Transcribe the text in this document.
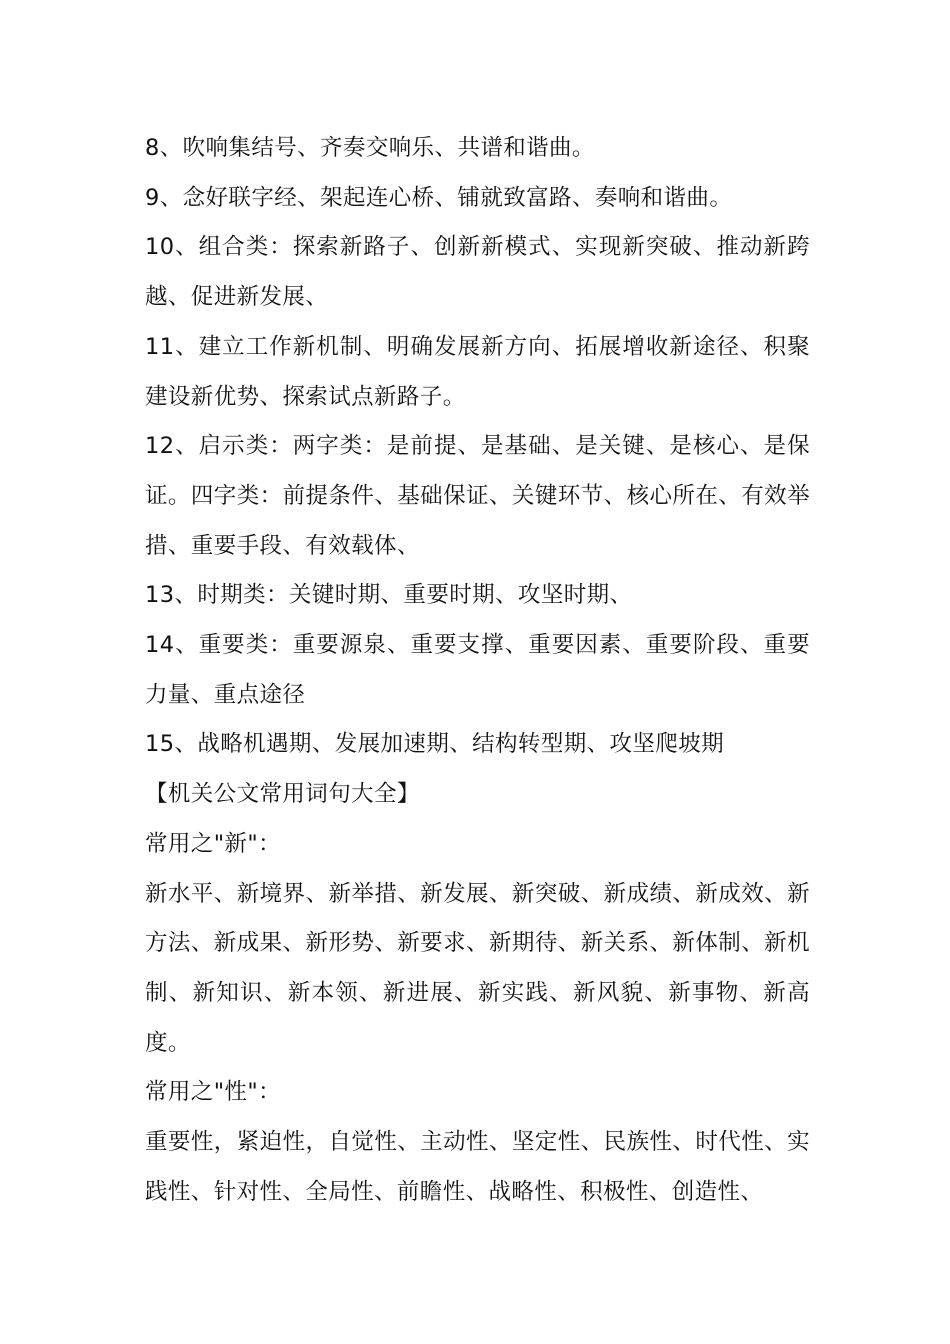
8、吹响集结号、齐奏交响乐、共谱和谐曲。

9、念好联字经、架起连心桥、铺就致富路、奏响和谐曲。

10、组合类：探索新路子、创新新模式、实现新突破、推动新跨越、促进新发展、

11、建立工作新机制、明确发展新方向、拓展增收新途径、积聚建设新优势、探索试点新路子。

12、启示类：两字类：是前提、是基础、是关键、是核心、是保证。四字类：前提条件、基础保证、关键环节、核心所在、有效举措、重要手段、有效载体、

13、时期类：关键时期、重要时期、攻坚时期、

14、重要类：重要源泉、重要支撑、重要因素、重要阶段、重要力量、重点途径

15、战略机遇期、发展加速期、结构转型期、攻坚爬坡期

【机关公文常用词句大全】

常用之"新"：

新水平、新境界、新举措、新发展、新突破、新成绩、新成效、新方法、新成果、新形势、新要求、新期待、新关系、新体制、新机制、新知识、新本领、新进展、新实践、新风貌、新事物、新高度。

常用之"性"：

重要性，紧迫性，自觉性、主动性、坚定性、民族性、时代性、实践性、针对性、全局性、前瞻性、战略性、积极性、创造性、
